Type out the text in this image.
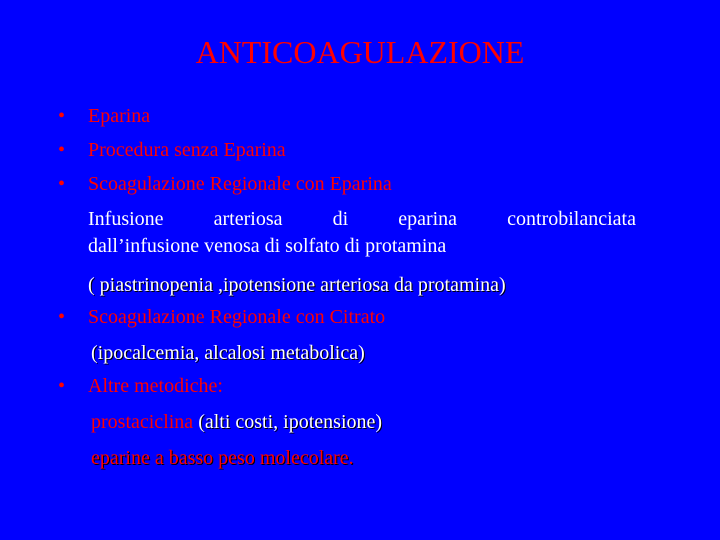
ANTICOAGULAZIONE
• Eparina
• Procedura senza Eparina
• Scoagulazione Regionale con Eparina
Infusione	arteriosa	di	eparina	controbilanciata
dall’infusione venosa di solfato di protamina
( piastrinopenia ,ipotensione arteriosa da protamina)
• Scoagulazione Regionale con Citrato
(ipocalcemia, alcalosi metabolica)
• Altre metodiche:
prostaciclina (alti costi, ipotensione)
eparine a basso peso molecolare.
